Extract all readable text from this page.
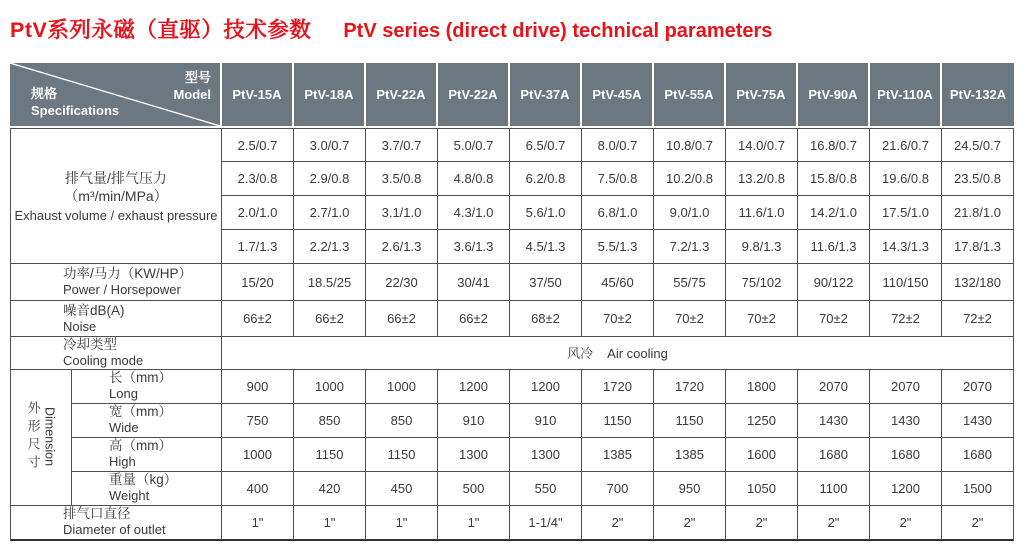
PtV系列永磁（直驱）技术参数 PtV series (direct drive) technical parameters
型号
Model
规格
Specifications		PtV-15A	PtV-18A	PtV-22A	PtV-22A	PtV-37A	PtV-45A	PtV-55A	PtV-75A	PtV-90A	PtV-110A	PtV-132A

排气量/排气压力
（m³/min/MPa）
Exhaust volume / exhaust pressure		2.5/0.7	3.0/0.7	3.7/0.7	5.0/0.7	6.5/0.7	8.0/0.7	10.8/0.7	14.0/0.7	16.8/0.7	21.6/0.7	24.5/0.7
		2.3/0.8	2.9/0.8	3.5/0.8	4.8/0.8	6.2/0.8	7.5/0.8	10.2/0.8	13.2/0.8	15.8/0.8	19.6/0.8	23.5/0.8
		2.0/1.0	2.7/1.0	3.1/1.0	4.3/1.0	5.6/1.0	6.8/1.0	9.0/1.0	11.6/1.0	14.2/1.0	17.5/1.0	21.8/1.0
		1.7/1.3	2.2/1.3	2.6/1.3	3.6/1.3	4.5/1.3	5.5/1.3	7.2/1.3	9.8/1.3	11.6/1.3	14.3/1.3	17.8/1.3

功率/马力（KW/HP）
Power / Horsepower		15/20	18.5/25	22/30	30/41	37/50	45/60	55/75	75/102	90/122	110/150	132/180

噪音dB(A)
Noise		66±2	66±2	66±2	66±2	68±2	70±2	70±2	70±2	70±2	72±2	72±2

冷却类型
Cooling mode		风冷 Air cooling										

外形尺寸 Dimension

长（mm）
Long
	900	1000	1000	1200	1200	1720	1720	1800	2070	2070	2070

	宽（mm）
Wide	750	850	850	910	910	1150	1150	1250	1430	1430	1430

	高（mm）
High	1000	1150	1150	1300	1300	1385	1385	1600	1680	1680	1680

	重量（kg）
Weight	400	420	450	500	550	700	950	1050	1100	1200	1500

排气口直径
Diameter of outlet		1"	1"	1"	1"	1-1/4"	2"	2"	2"	2"	2"	2"
